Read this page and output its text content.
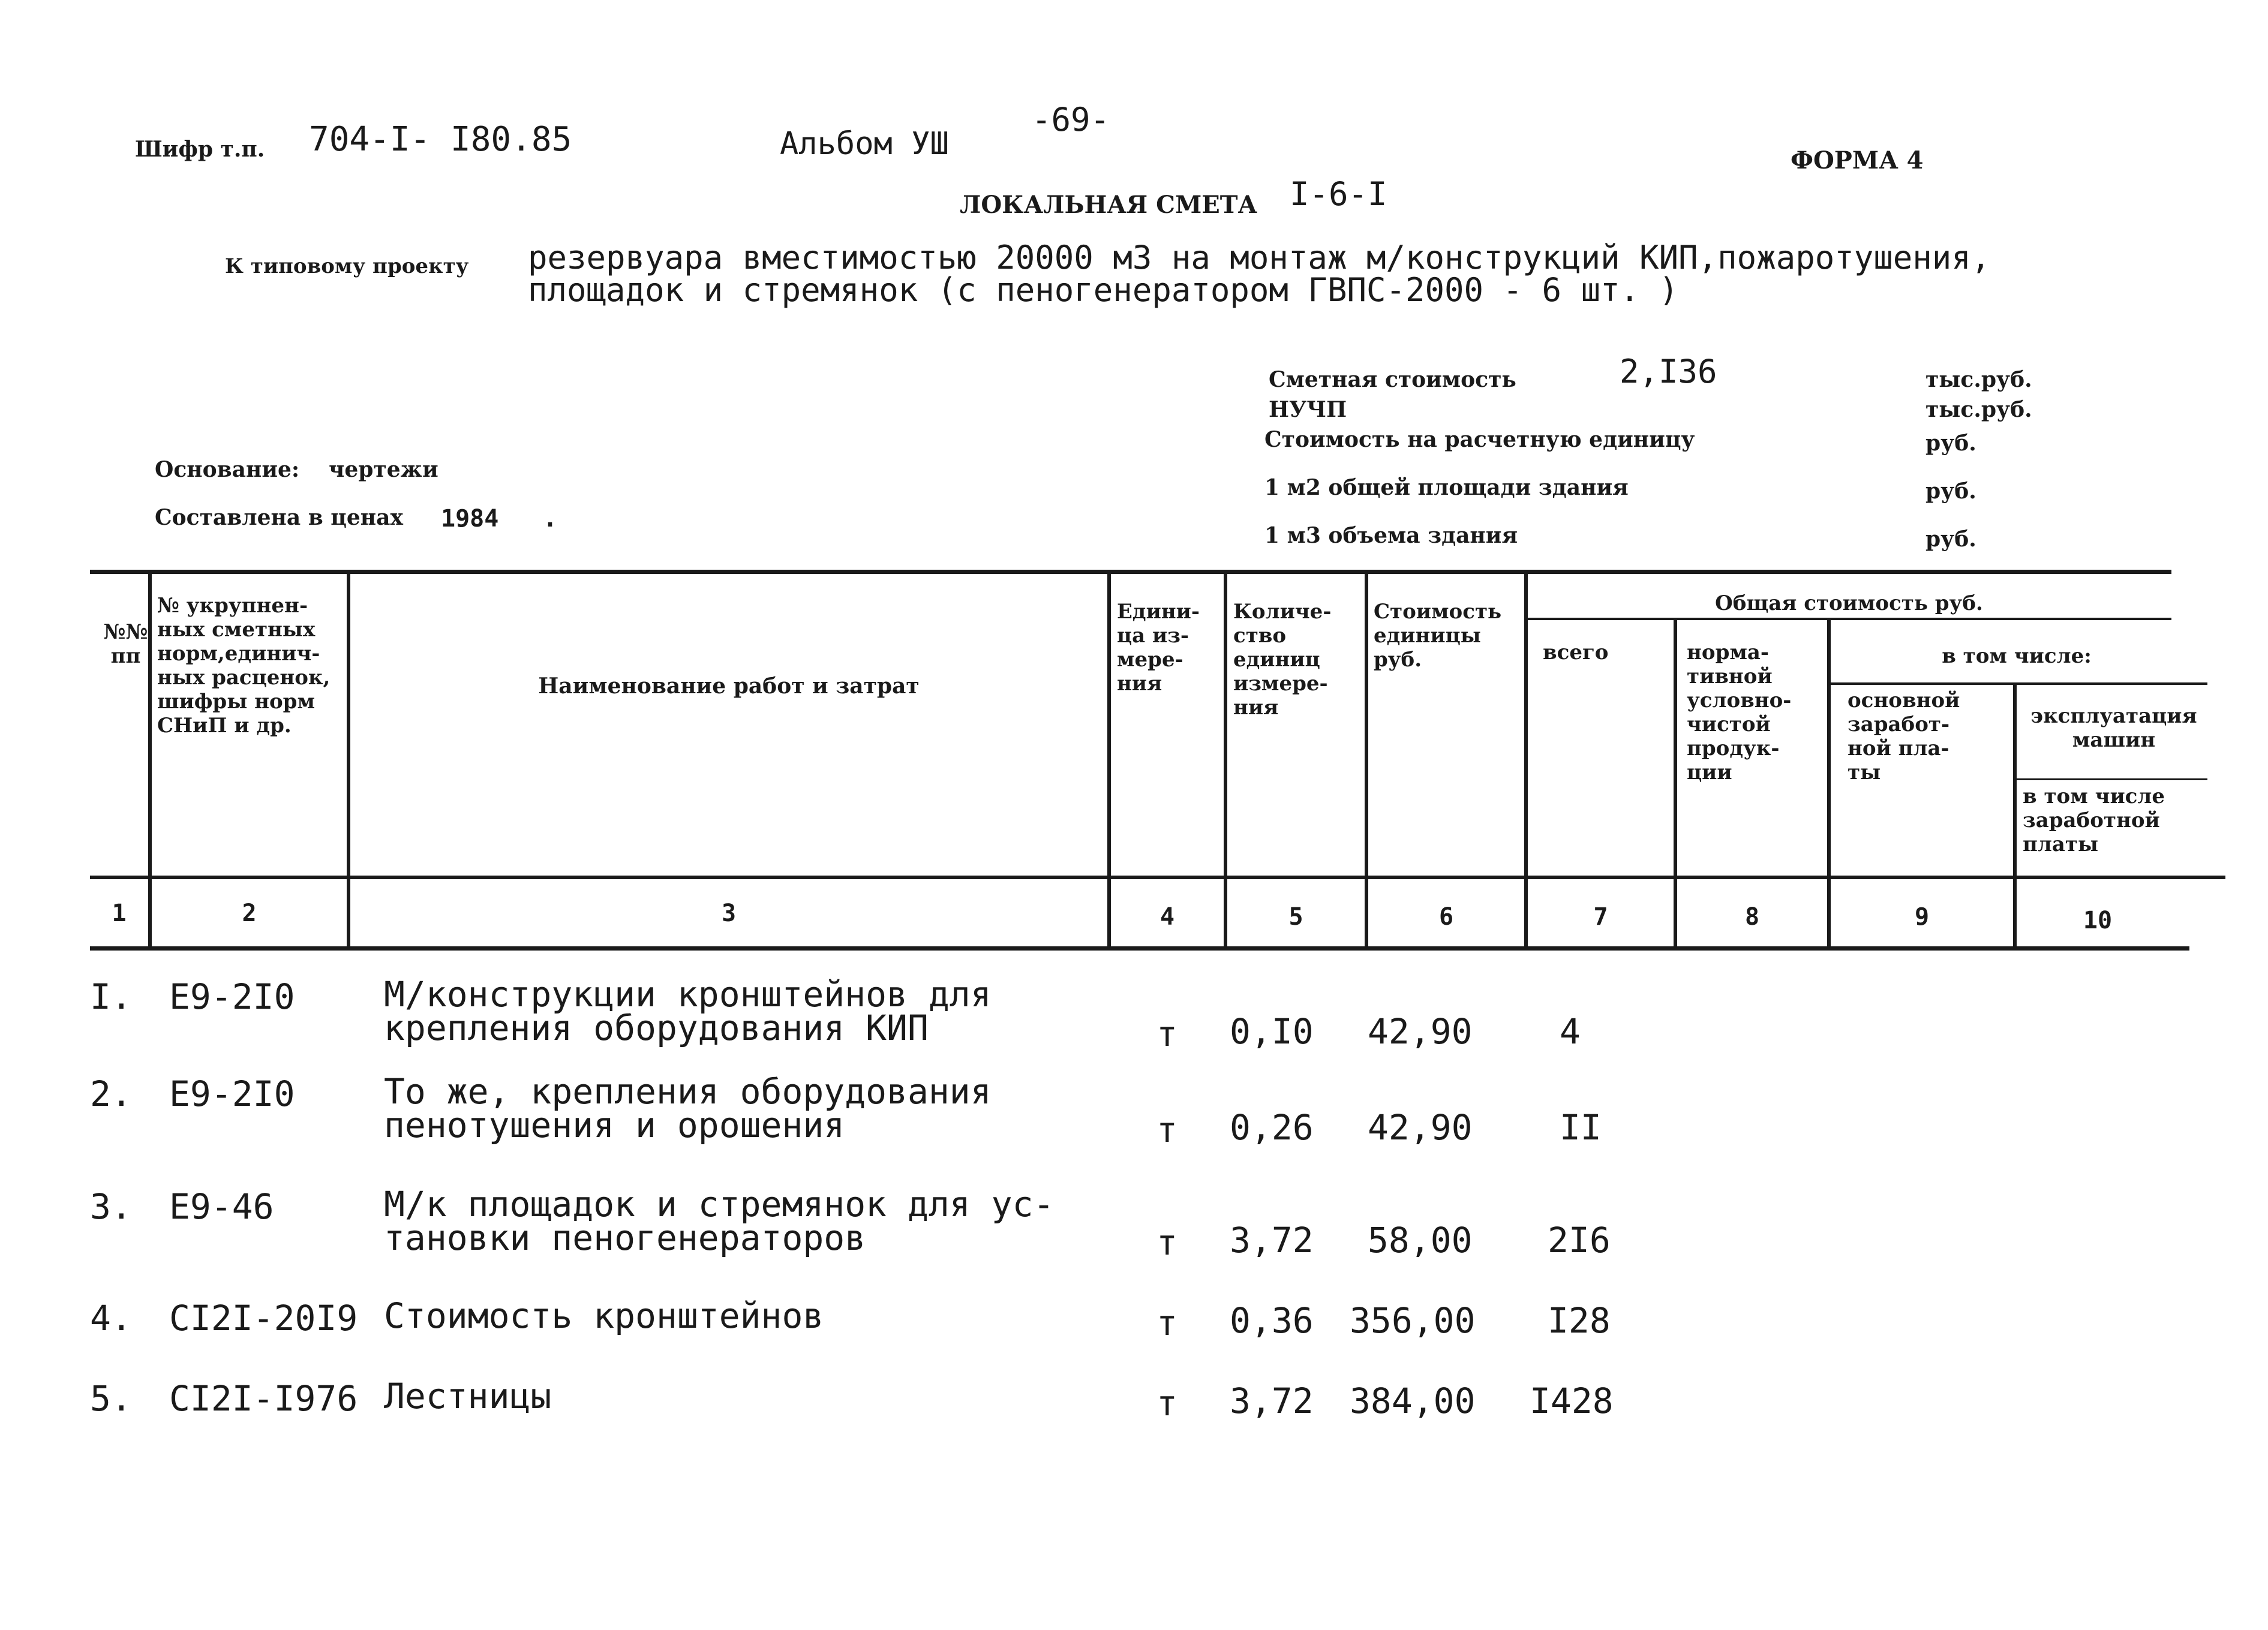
Шифр т.п. 704-I- I80.85	Альбом УШ
-69-
ФОРМА 4
ЛОКАЛЬНАЯ СМЕТА I-6-I
К типовому проекту резервуара вместимостью 20000 м3 на монтаж м/конструкций КИП,пожаротушения,
площадок и стремянок (с пеногенератором ГВПС-2000 - 6 шт. )
Сметная стоимость	2,I36	тыс.руб.
НУЧП	тыс.руб.
Стоимость на расчетную единицу	руб.
1 м2 общей площади здания	руб.
1 м3 объема здания	руб.
Основание: чертежи
Составлена в ценах 1984 .
№№
пп
№ укрупнен-
ных сметных
норм,единич-
ных расценок,
шифры норм
СНиП и др.
Наименование работ и затрат
Едини-
ца из-
мере-
ния
Количе-
ство
единиц
измере-
ния
Стоимость
единицы
руб.
Общая стоимость руб.
всего	норма-
тивной
условно-
чистой
продук-
ции
в том числе:
основной
заработ-
ной пла-
ты
эксплуатация
машин
в том числе
заработной
платы
1	2	3	4	5	6	7	8	9	10
I. Е9-2I0	М/конструкции кронштейнов для
крепления оборудования КИП	т 0,I0 42,90	4
2. Е9-2I0	То же, крепления оборудования
пенотушения и орошения	т 0,26 42,90	II
3. Е9-46	М/к площадок и стремянок для ус-
тановки пеногенераторов	т 3,72 58,00 2I6
4. СI2I-20I9 Стоимость кронштейнов	т 0,36 356,00 I28
5. СI2I-I976 Лестницы	т 3,72 384,00 I428
